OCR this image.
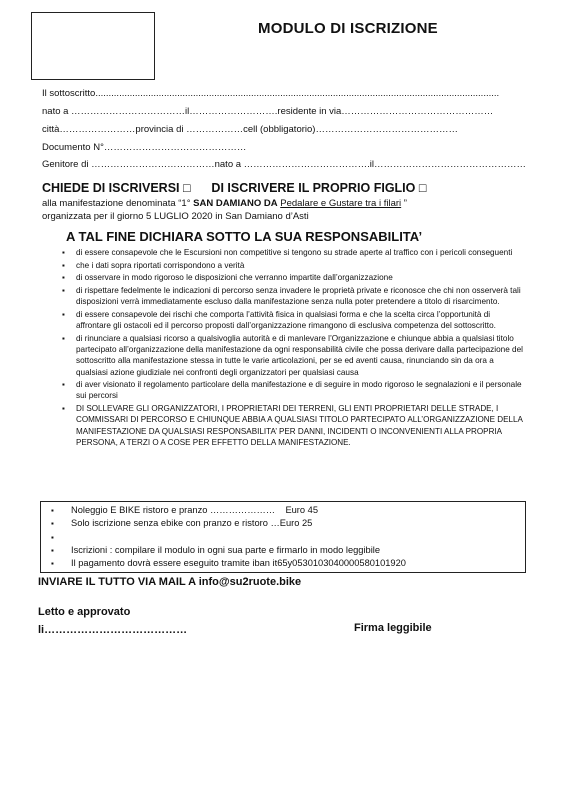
MODULO DI ISCRIZIONE
Il sottoscritto.........................................................................................................................................................
nato a ………………………………il……………………….residente in via…………………………………………
città……………………provincia di ………………cell (obbligatorio)………………………………………
Documento N°………………………………………
Genitore di …………………………………nato a ………………………………….il…………………………………………
CHIEDE DI ISCRIVERSI □ DI ISCRIVERE IL PROPRIO FIGLIO □
alla manifestazione denominata “1° SAN DAMIANO DA Pedalare e Gustare tra i filari ”
organizzata per il giorno 5 LUGLIO 2020 in San Damiano d’Asti
A TAL FINE DICHIARA SOTTO LA SUA RESPONSABILITA’
▪ di essere consapevole che le Escursioni non competitive si tengono su strade aperte al traffico con i pericoli conseguenti
▪ che i dati sopra riportati corrispondono a verità
▪ di osservare in modo rigoroso le disposizioni che verranno impartite dall’organizzazione
▪ di rispettare fedelmente le indicazioni di percorso senza invadere le proprietà private e riconosce che chi non osserverà tali disposizioni verrà immediatamente escluso dalla manifestazione senza nulla poter pretendere a titolo di risarcimento.
▪ di essere consapevole dei rischi che comporta l’attività fisica in qualsiasi forma e che la scelta circa l’opportunità di affrontare gli ostacoli ed il percorso proposti dall’organizzazione rimangono di esclusiva competenza del sottoscritto.
▪ di rinunciare a qualsiasi ricorso a qualsivoglia autorità e di manlevare l’Organizzazione e chiunque abbia a qualsiasi titolo partecipato all’organizzazione della manifestazione da ogni responsabilità civile che possa derivare dalla partecipazione del sottoscritto alla manifestazione stessa in tutte le varie articolazioni, per se ed aventi causa, rinunciando sin da ora a qualsiasi azione giudiziale nei confronti degli organizzatori per qualsiasi causa
▪ di aver visionato il regolamento particolare della manifestazione e di seguire in modo rigoroso le segnalazioni e il personale sui percorsi
▪ DI SOLLEVARE GLI ORGANIZZATORI, I PROPRIETARI DEI TERRENI, GLI ENTI PROPRIETARI DELLE STRADE, I COMMISSARI DI PERCORSO E CHIUNQUE ABBIA A QUALSIASI TITOLO PARTECIPATO ALL’ORGANIZZAZIONE DELLA MANIFESTAZIONE DA QUALSIASI RESPONSABILITA’ PER DANNI, INCIDENTI O INCONVENIENTI ALLA PROPRIA PERSONA, A TERZI O A COSE PER EFFETTO DELLA MANIFESTAZIONE.
▪ Noleggio E BIKE ristoro e pranzo ………………… Euro 45
▪ Solo iscrizione senza ebike con pranzo e ristoro …Euro 25
▪

▪ Iscrizioni : compilare il modulo in ogni sua parte e firmarlo in modo leggibile
▪ Il pagamento dovrà essere eseguito tramite iban it65y0530103040000580101920
INVIARE IL TUTTO VIA MAIL A info@su2ruote.bike
Letto e approvato
li…………………………………	Firma leggibile
